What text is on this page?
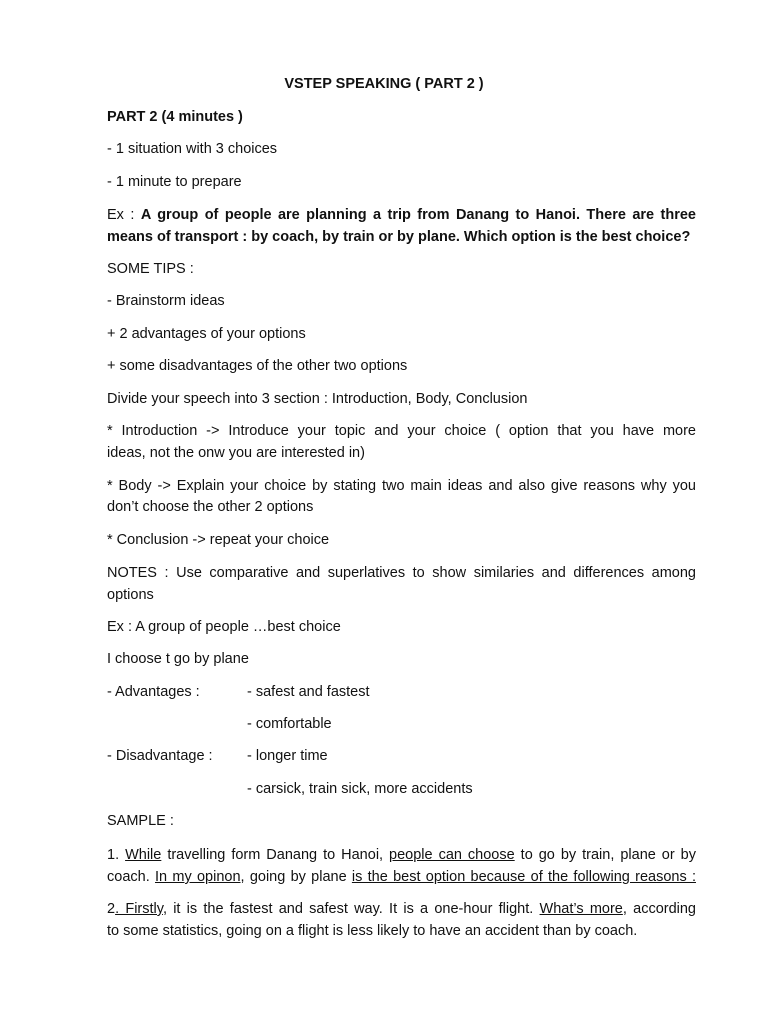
VSTEP SPEAKING ( PART 2 )
PART 2 (4 minutes )
- 1 situation with 3 choices
- 1 minute to prepare
Ex : A group of people are planning a trip from Danang to Hanoi. There are three
means of transport : by coach, by train or by plane. Which option is the best choice?
SOME TIPS :
- Brainstorm ideas
+ 2 advantages of your options
+ some disadvantages of the other two options
Divide your speech into 3 section : Introduction, Body, Conclusion
* Introduction -> Introduce your topic and your choice ( option that you have more
ideas, not the onw you are interested in)
* Body -> Explain your choice by stating two main ideas and also give reasons why you
don’t choose the other 2 options
* Conclusion -> repeat your choice
NOTES : Use comparative and superlatives to show similaries and differences among
options
Ex : A group of people …best choice
I choose t go by plane
- Advantages :	- safest and fastest
- comfortable
- Disadvantage : - longer time
- carsick, train sick, more accidents
SAMPLE :
1. While travelling form Danang to Hanoi, people can choose to go by train, plane or by
coach. In my opinon, going by plane is the best option because of the following reasons :
2. Firstly, it is the fastest and safest way. It is a one-hour flight. What’s more, according
to some statistics, going on a flight is less likely to have an accident than by coach.
